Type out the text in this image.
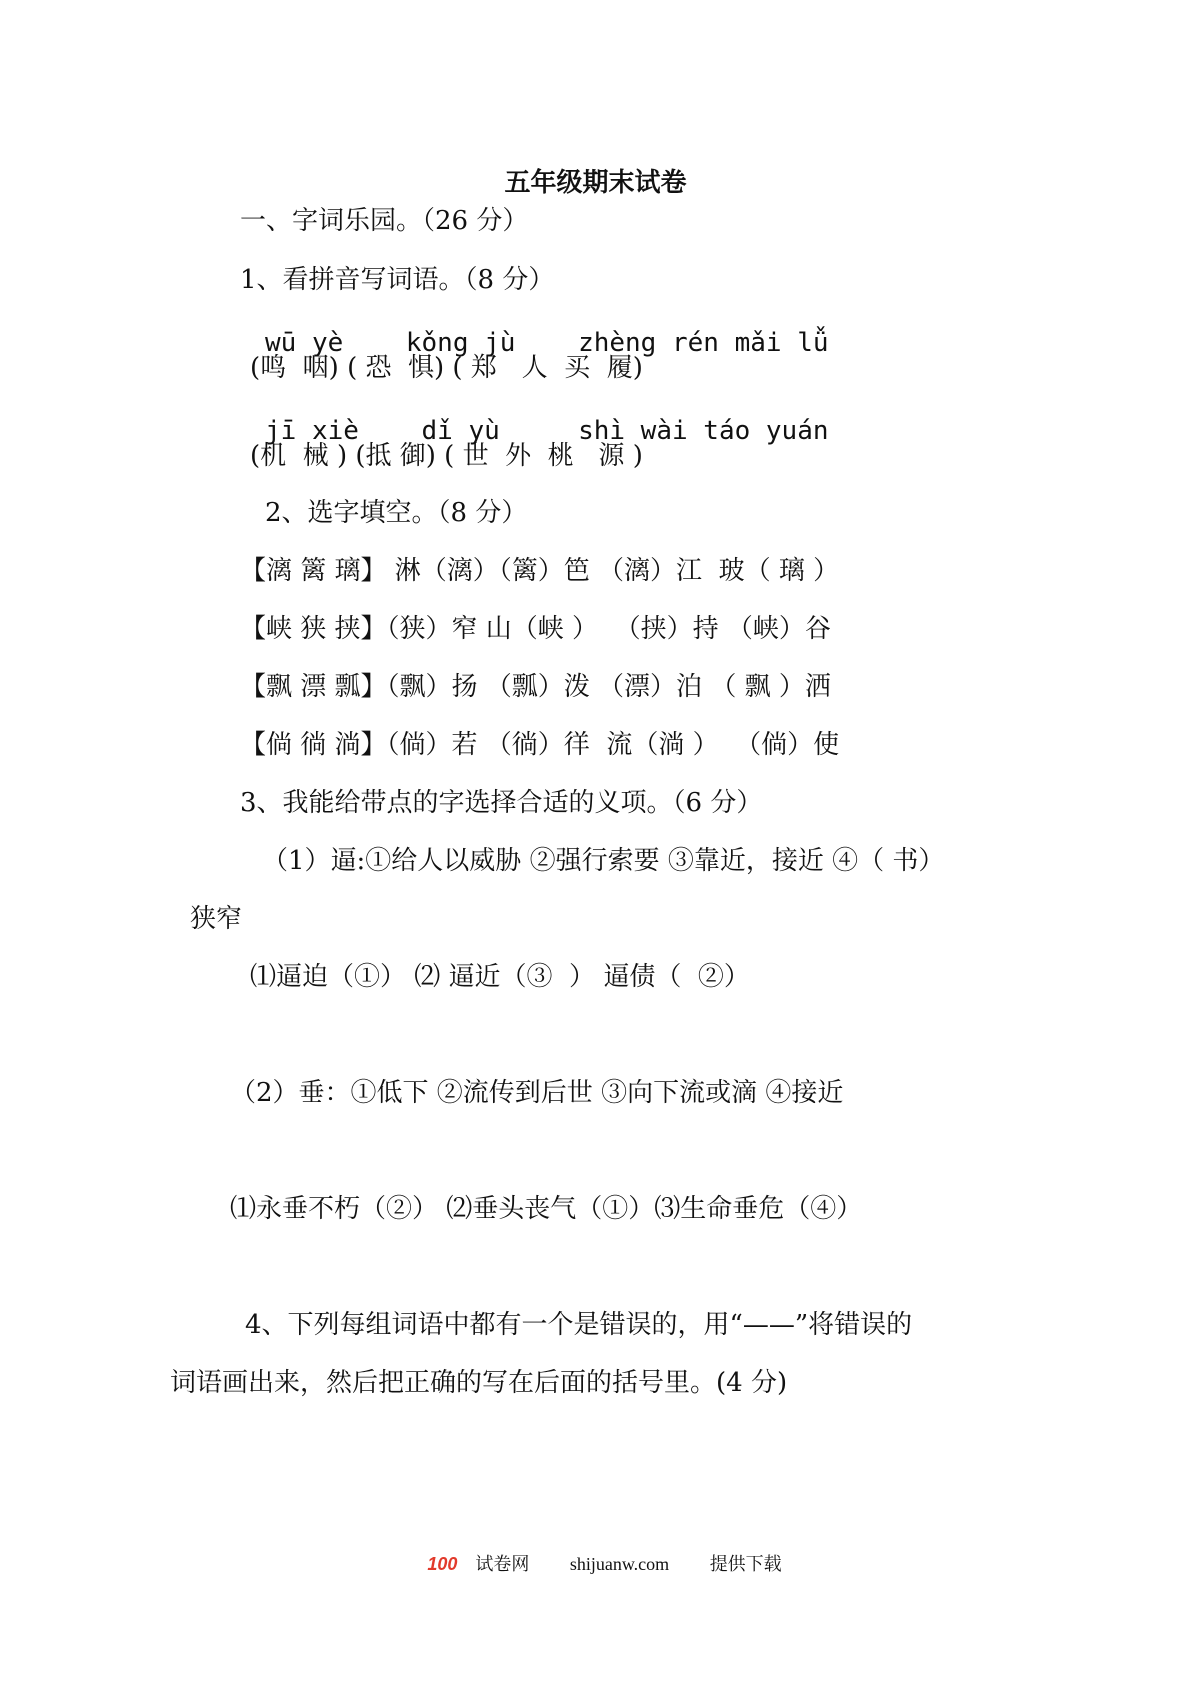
五年级期末试卷
一、字词乐园。（26 分）
1、看拼音写词语。（8 分）
wū yè    kǒng jù    zhèng rén mǎi lǚ
(鸣  咽) ( 恐  惧) ( 郑   人  买  履)
jī xiè    dǐ yù     shì wài táo yuán
(机  械 ) (抵 御) ( 世  外  桃   源 )
2、选字填空。（8 分）
【漓 篱 璃】 淋（漓）（篱）笆 （漓）江  玻（ 璃 ）
【峡 狭 挟】（狭）窄 山（峡 ）  （挟）持 （峡）谷
【飘 漂 瓢】（飘）扬 （瓢）泼 （漂）泊 （ 飘 ）洒
【倘 徜 淌】（倘）若 （徜）徉  流（淌 ）  （倘）使
3、我能给带点的字选择合适的义项。（6 分）
（1）逼:①给人以威胁 ②强行索要 ③靠近，接近 ④（ 书）
狭窄
⑴逼迫（①） ⑵ 逼近（③  ） 逼债（  ②）
（2）垂：①低下 ②流传到后世 ③向下流或滴 ④接近
⑴永垂不朽（②） ⑵垂头丧气（①）⑶生命垂危（④）
4、下列每组词语中都有一个是错误的，用“——”将错误的
词语画出来，然后把正确的写在后面的括号里。(4 分)
100 试卷网 shijuanw.com 提供下载
